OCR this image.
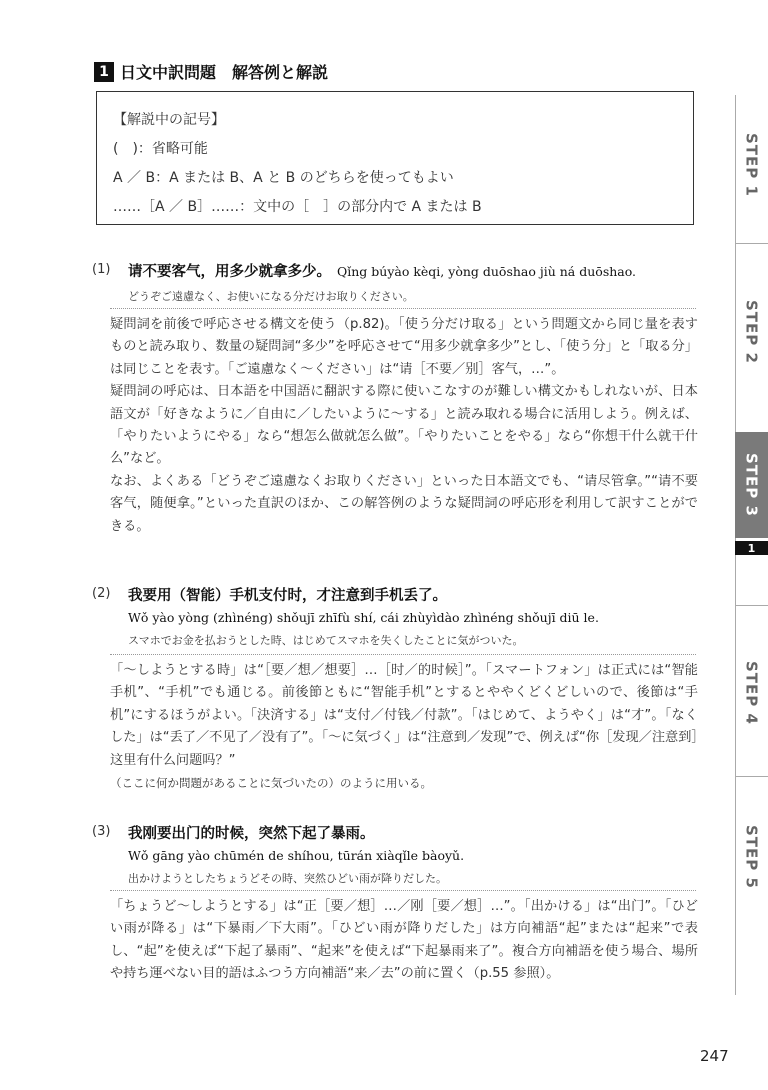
1 日文中訳問題　解答例と解説
【解説中の記号】
(　)：省略可能
A ／ B：A または B、A と B のどちらを使ってもよい
……［A ／ B］……：文中の［　］の部分内で A または B
(1) 请不要客气，用多少就拿多少。 Qǐng búyào kèqi, yòng duōshao jiù ná duōshao.
どうぞご遠慮なく、お使いになる分だけお取りください。

疑問詞を前後で呼応させる構文を使う（p.82)。「使う分だけ取る」という問題文から同じ量を表すものと読み取り、数量の疑問詞“多少”を呼応させて“用多少就拿多少”とし、「使う分」と「取る分」は同じことを表す。「ご遠慮なく～ください」は“请［不要／别］客气，…”。

疑問詞の呼応は、日本語を中国語に翻訳する際に使いこなすのが難しい構文かもしれないが、日本語文が「好きなように／自由に／したいように～する」と読み取れる場合に活用しよう。例えば、「やりたいようにやる」なら“想怎么做就怎么做”。「やりたいことをやる」なら“你想干什么就干什么”など。

なお、よくある「どうぞご遠慮なくお取りください」といった日本語文でも、“请尽管拿。”“请不要客气，随便拿。”といった直訳のほか、この解答例のような疑問詞の呼応形を利用して訳すことができる。

(2) 我要用（智能）手机支付时，才注意到手机丢了。
Wǒ yào yòng (zhìnéng) shǒujī zhīfù shí, cái zhùyìdào zhìnéng shǒujī diū le.
スマホでお金を払おうとした時、はじめてスマホを失くしたことに気がついた。

「～しようとする時」は“［要／想／想要］…［时／的时候］”。「スマートフォン」は正式には“智能手机”、“手机”でも通じる。前後節ともに“智能手机”とするとややくどくどしいので、後節は“手机”にするほうがよい。「決済する」は“支付／付钱／付款”。「はじめて、ようやく」は“才”。「なくした」は“丢了／不见了／没有了”。「～に気づく」は“注意到／发现”で、例えば“你［发现／注意到］这里有什么问题吗？”

（ここに何か問題があることに気づいたの）のように用いる。

(3) 我刚要出门的时候，突然下起了暴雨。
Wǒ gāng yào chūmén de shíhou, tūrán xiàqǐle bàoyǔ.
出かけようとしたちょうどその時、突然ひどい雨が降りだした。

「ちょうど～しようとする」は“正［要／想］…／刚［要／想］…”。「出かける」は“出门”。「ひどい雨が降る」は“下暴雨／下大雨”。「ひどい雨が降りだした」は方向補語“起”または“起来”で表し、“起”を使えば“下起了暴雨”、“起来”を使えば“下起暴雨来了”。複合方向補語を使う場合、場所や持ち運べない目的語はふつう方向補語“来／去”の前に置く（p.55 参照）。

STEP 1
STEP 2
STEP 3
1
STEP 4
STEP 5
247
